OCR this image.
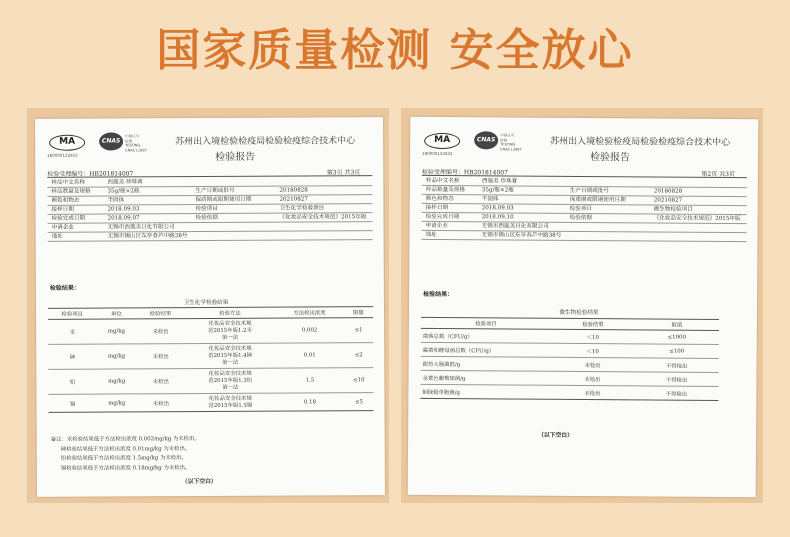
国家质量检测 安全放心
MA
180000122832
CNAS
中国认可
检测
TESTING
CNAS L1887
苏州出入境检验检疫局检验检疫综合技术中心
检验报告
检验受理编号：HB201814007	第3页 共3页
样品中文名称	西施美 珍珠膏
样品数量及规格	35g/瓶×2瓶	生产日期或批号	20180828
颜色和物态	半固体	保质期或限期使用日期	20210827
接样日期	2018.09.03	检验项目	卫生化学检验项目
检验完成日期	2018.09.07	检验依据	《化妆品安全技术规范》2015年版
申请企业	无锡市西施美日化有限公司
地址	无锡市锡山区东亭春芦中路38号
检验结果：
卫生化学检验结果
检验项目	单位	检验结果	检验方法	方法检出浓度	限值
汞	mg/kg	未检出	化妆品安全技术规
范2015年版1.2汞
第一法	0.002	≤1
砷	mg/kg	未检出	化妆品安全技术规
范2015年版1.4砷
第一法	0.01	≤2
铅	mg/kg	未检出	化妆品安全技术规
范2015年版1.3铅
第一法	1.5	≤10
镉	mg/kg	未检出	化妆品安全技术规
范2015年版1.5镉	0.18	≤5
备注：汞检验结果低于方法检出浓度 0.002mg/kg 为未检出。
砷检验结果低于方法检出浓度 0.01mg/kg 为未检出。
铅检验结果低于方法检出浓度 1.5mg/kg 为未检出。
镉检验结果低于方法检出浓度 0.18mg/kg 为未检出。
（以下空白）
MA
180000122832
CNAS
中国认可
检测
TESTING
CNAS L1887
苏州出入境检验检疫局检验检疫综合技术中心
检验报告
检验受理编号：HB201814007	第2页 共3页
样品中文名称	西施美 珍珠膏
样品数量及规格	35g/瓶×2瓶	生产日期或批号	20180828
颜色和物态	半固体	保质期或限期使用日期	20210827
接样日期	2018.09.03	检验项目	微生物检验项目
检验完成日期	2018.09.10	检验依据	《化妆品安全技术规范》2015年版
申请企业	无锡市西施美日化有限公司
地址	无锡市锡山区东亭春芦中路38号
检验结果：
微生物检验结果
检验项目	检验结果	限值
菌落总数（CFU/g）	＜10	≤1000
霉菌和酵母菌总数（CFU/g）	＜10	≤100
耐热大肠菌群/g	未检出	不得检出
金黄色葡萄球菌/g	未检出	不得检出
铜绿假单胞菌/g	未检出	不得检出
（以下空白）
